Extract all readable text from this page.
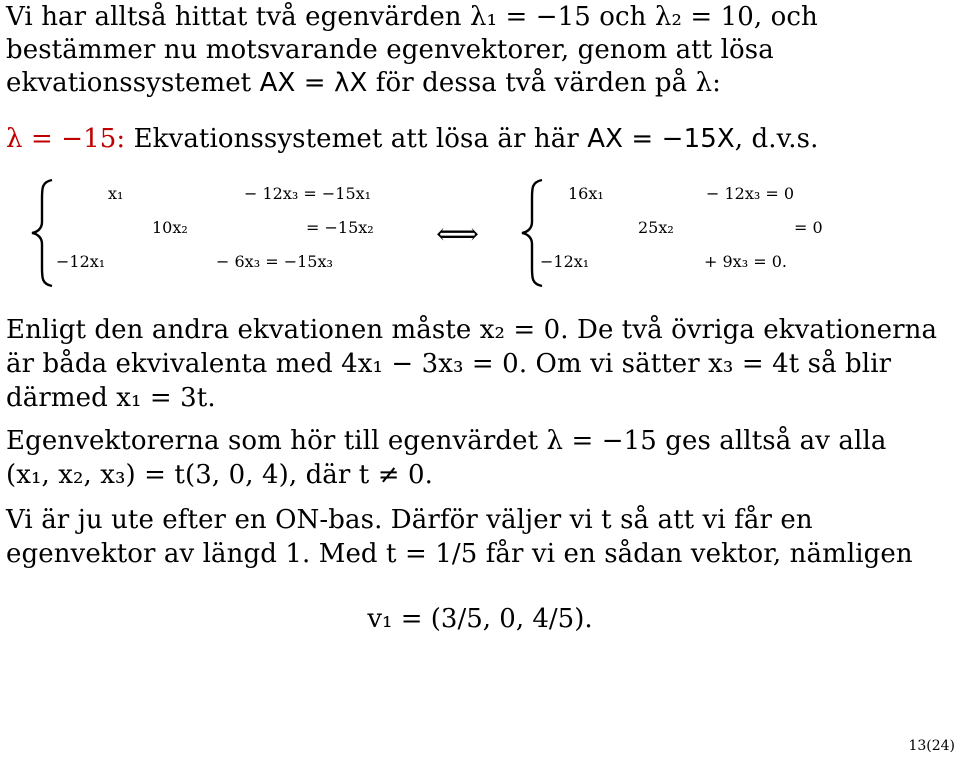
Vi har alltså hittat två egenvärden λ₁ = −15 och λ₂ = 10, och
bestämmer nu motsvarande egenvektorer, genom att lösa
ekvationssystemet AX = λX för dessa två värden på λ:
λ = −15: Ekvationssystemet att lösa är här AX = −15X, d.v.s.
x₁	− 12x₃ = −15x₁
10x₂	= −15x₂
−12x₁	− 6x₃ = −15x₃
⟺
16x₁	− 12x₃ = 0
25x₂	= 0
−12x₁	+ 9x₃ = 0.
Enligt den andra ekvationen måste x₂ = 0. De två övriga ekvationerna
är båda ekvivalenta med 4x₁ − 3x₃ = 0. Om vi sätter x₃ = 4t så blir
därmed x₁ = 3t.
Egenvektorerna som hör till egenvärdet λ = −15 ges alltså av alla
(x₁, x₂, x₃) = t(3, 0, 4), där t ≠ 0.
Vi är ju ute efter en ON-bas. Därför väljer vi t så att vi får en
egenvektor av längd 1. Med t = 1/5 får vi en sådan vektor, nämligen
v₁ = (3/5, 0, 4/5).
13(24)
